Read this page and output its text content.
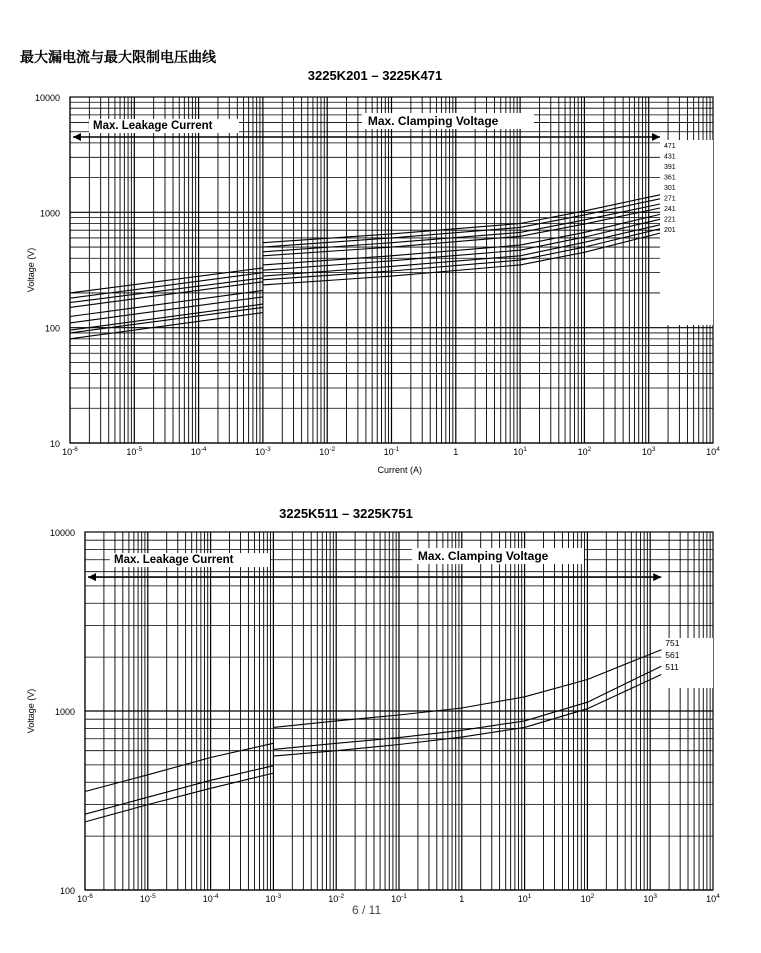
最大漏电流与最大限制电压曲线
3225K201 – 3225K471
10
100
1000
10000
$10^{-6}$	$10^{-5}$	$10^{-4}$	$10^{-3}$	$10^{-2}$	$10^{-1}$	1	$10^1$	$10^2$	$10^3$	$10^4$
Voltage (V)
Current (A)
471
431
391
361
301
271
241
221
201
Max. Leakage Current	Max. Clamping Voltage
3225K511 – 3225K751
100
1000
10000
$10^{-6}$	$10^{-5}$	$10^{-4}$	$10^{-3}$	$10^{-2}$	$10^{-1}$	1	$10^1$	$10^2$	$10^3$	$10^4$
Voltage (V)
751
561
511
Max. Leakage Current	Max. Clamping Voltage
6 / 11
